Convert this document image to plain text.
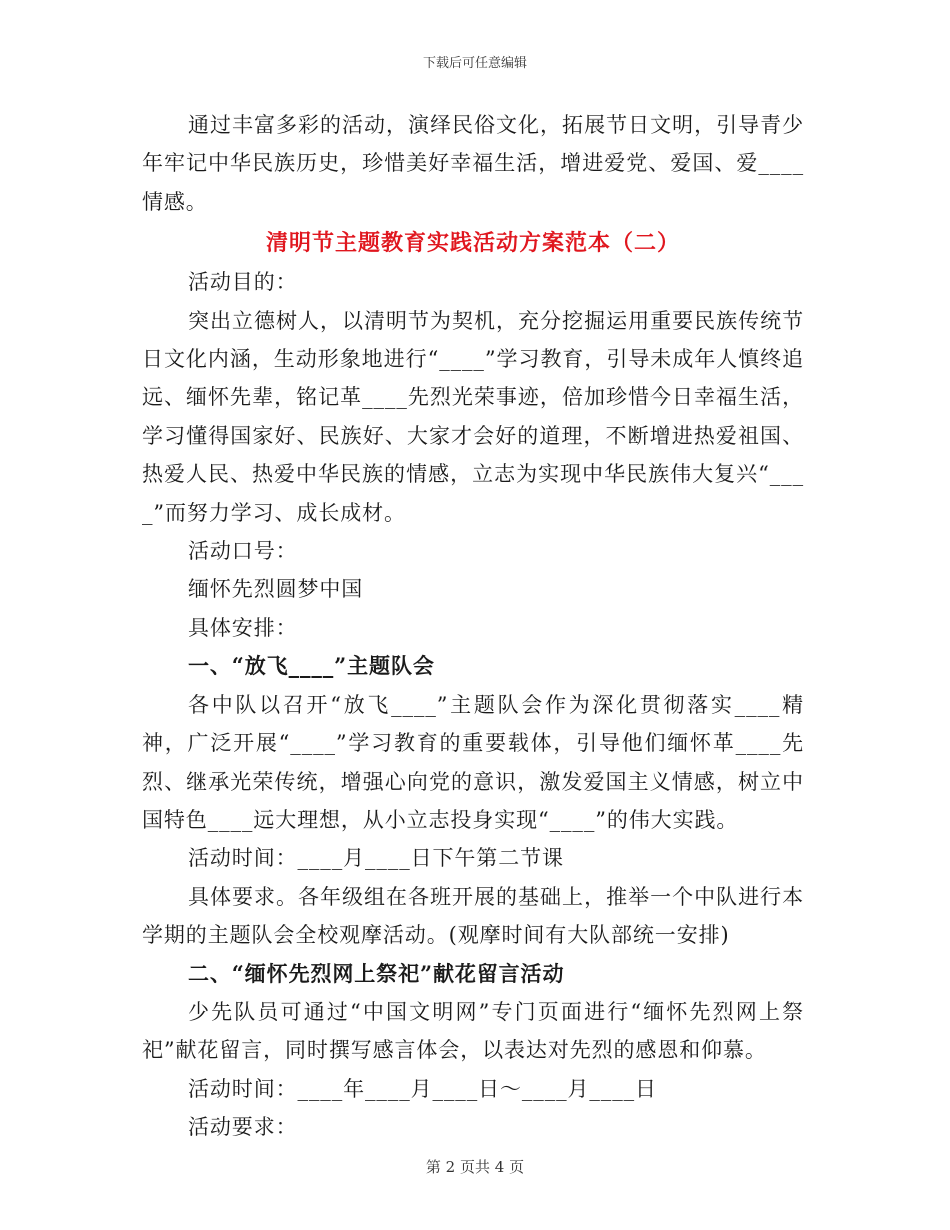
下载后可任意编辑

通过丰富多彩的活动，演绎民俗文化，拓展节日文明，引导青少年牢记中华民族历史，珍惜美好幸福生活，增进爱党、爱国、爱____情感。

清明节主题教育实践活动方案范本（二）

活动目的：

突出立德树人，以清明节为契机，充分挖掘运用重要民族传统节日文化内涵，生动形象地进行“____”学习教育，引导未成年人慎终追远、缅怀先辈，铭记革____先烈光荣事迹，倍加珍惜今日幸福生活，学习懂得国家好、民族好、大家才会好的道理，不断增进热爱祖国、热爱人民、热爱中华民族的情感，立志为实现中华民族伟大复兴“____”而努力学习、成长成材。

活动口号：

缅怀先烈圆梦中国

具体安排：

一、“放飞____”主题队会

各中队以召开“放飞____”主题队会作为深化贯彻落实____精神，广泛开展“____”学习教育的重要载体，引导他们缅怀革____先烈、继承光荣传统，增强心向党的意识，激发爱国主义情感，树立中国特色____远大理想，从小立志投身实现“____”的伟大实践。

活动时间：____月____日下午第二节课

具体要求。各年级组在各班开展的基础上，推举一个中队进行本学期的主题队会全校观摩活动。(观摩时间有大队部统一安排)

二、“缅怀先烈网上祭祀”献花留言活动

少先队员可通过“中国文明网”专门页面进行“缅怀先烈网上祭祀”献花留言，同时撰写感言体会，以表达对先烈的感恩和仰慕。

活动时间：____年____月____日～____月____日

活动要求：

第 2 页共 4 页
